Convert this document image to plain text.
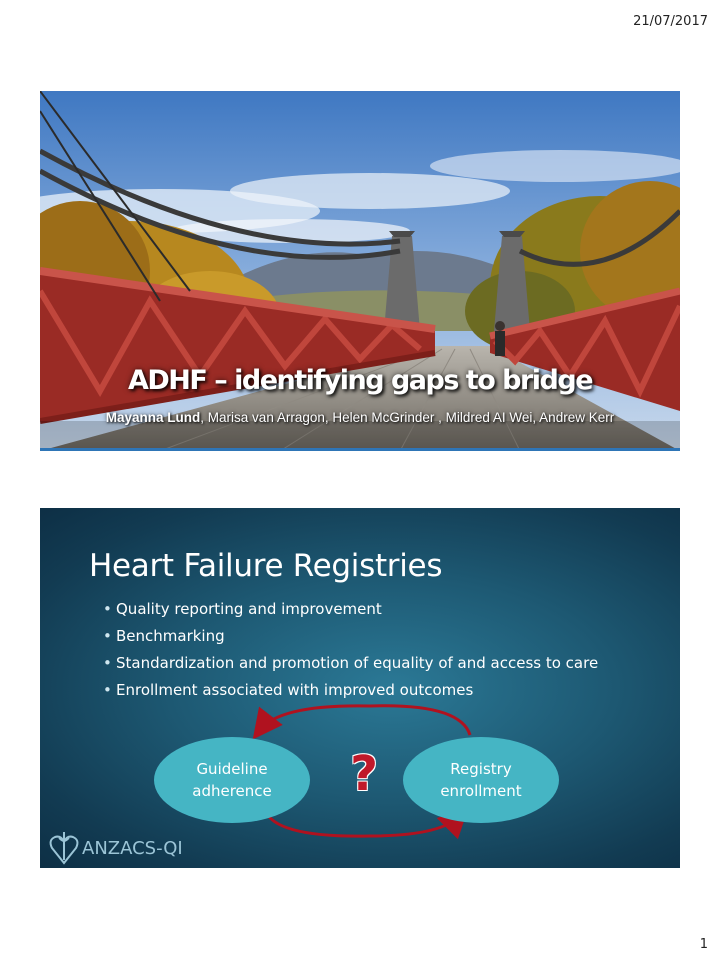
21/07/2017
ADHF – identifying gaps to bridge
Mayanna Lund, Marisa van Arragon, Helen McGrinder , Mildred AI Wei, Andrew Kerr
Heart Failure Registries
• Quality reporting and improvement
• Benchmarking
• Standardization and promotion of equality of and access to care
• Enrollment associated with improved outcomes
Guideline
adherence	?	Registry
enrollment
ANZACS-QI
1
